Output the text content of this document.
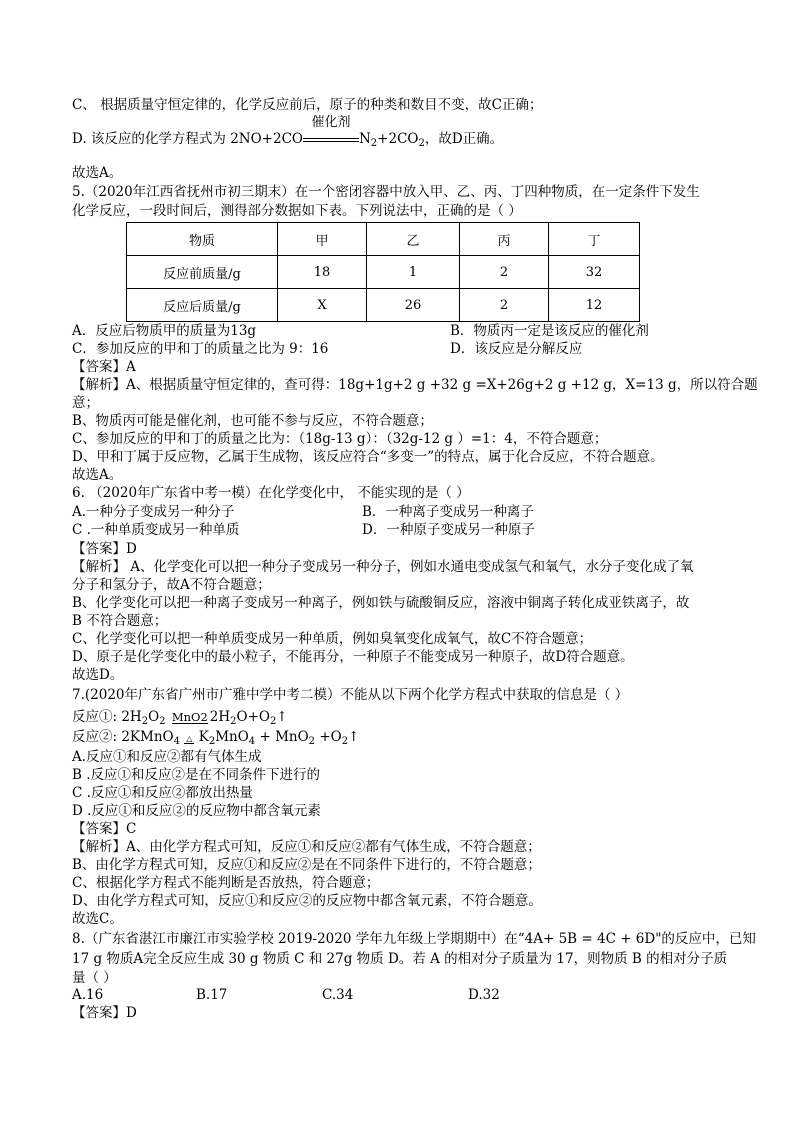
C、 根据质量守恒定律的，化学反应前后，原子的种类和数目不变，故C正确；
D. 该反应的化学方程式为 2NO+2CO
催化剂
$N_2+2CO_2$，故D正确。
故选A。
5.（2020年江西省抚州市初三期末）在一个密闭容器中放入甲、乙、丙、丁四种物质，在一定条件下发生
化学反应，一段时间后，测得部分数据如下表。下列说法中，正确的是（ ）
物质	甲	乙	丙	丁
反应前质量/g	18	1	2	32
反应后质量/g	X	26	2	12
A．反应后物质甲的质量为13g	B．物质丙一定是该反应的催化剂
C．参加反应的甲和丁的质量之比为 9：16	D．该反应是分解反应
【答案】A
【解析】A、根据质量守恒定律的，查可得：18g+1g+2 g +32 g =X+26g+2 g +12 g，X=13 g，所以符合题
意；
B、物质丙可能是催化剂，也可能不参与反应，不符合题意；
C、参加反应的甲和丁的质量之比为：（18g-13 g）：（32g-12 g ）=1：4，不符合题意；
D、甲和丁属于反应物，乙属于生成物，该反应符合“多变一”的特点，属于化合反应，不符合题意。
故选A。
6. （2020年广东省中考一模）在化学变化中， 不能实现的是（ ）
A.一种分子变成另一种分子	B．一种离子变成另一种离子
C .一种单质变成另一种单质	D．一种原子变成另一种原子
【答案】D
【解析】 A、化学变化可以把一种分子变成另一种分子，例如水通电变成氢气和氧气，水分子变化成了氧
分子和氢分子，故A不符合题意；
B、化学变化可以把一种离子变成另一种离子，例如铁与硫酸铜反应，溶液中铜离子转化成亚铁离子，故
B 不符合题意；
C、化学变化可以把一种单质变成另一种单质，例如臭氧变化成氧气，故C不符合题意；
D、原子是化学变化中的最小粒子，不能再分，一种原子不能变成另一种原子，故D符合题意。
故选D。
7.(2020年广东省广州市广雅中学中考二模）不能从以下两个化学方程式中获取的信息是（ ）
反应①: $2H_2O_2$ MnO2 $2H_2O+O_2↑$
反应②: 2KMnO$_4$ △ $K_2MnO_4 + MnO_2$ $+O_2↑$
A.反应①和反应②都有气体生成
B .反应①和反应②是在不同条件下进行的
C .反应①和反应②都放出热量
D .反应①和反应②的反应物中都含氧元素
【答案】C
【解析】A、由化学方程式可知，反应①和反应②都有气体生成，不符合题意；
B、由化学方程式可知，反应①和反应②是在不同条件下进行的，不符合题意；
C、根据化学方程式不能判断是否放热，符合题意；
D、由化学方程式可知，反应①和反应②的反应物中都含氧元素，不符合题意。
故选C。
8.（广东省湛江市廉江市实验学校 2019-2020 学年九年级上学期期中）在“4A+ 5B = 4C + 6D"的反应中，已知
17 g 物质A完全反应生成 30 g 物质 C 和 27g 物质 D。若 A 的相对分子质量为 17，则物质 B 的相对分子质
量（ ）
A.16	B.17	C.34	D.32
【答案】D
